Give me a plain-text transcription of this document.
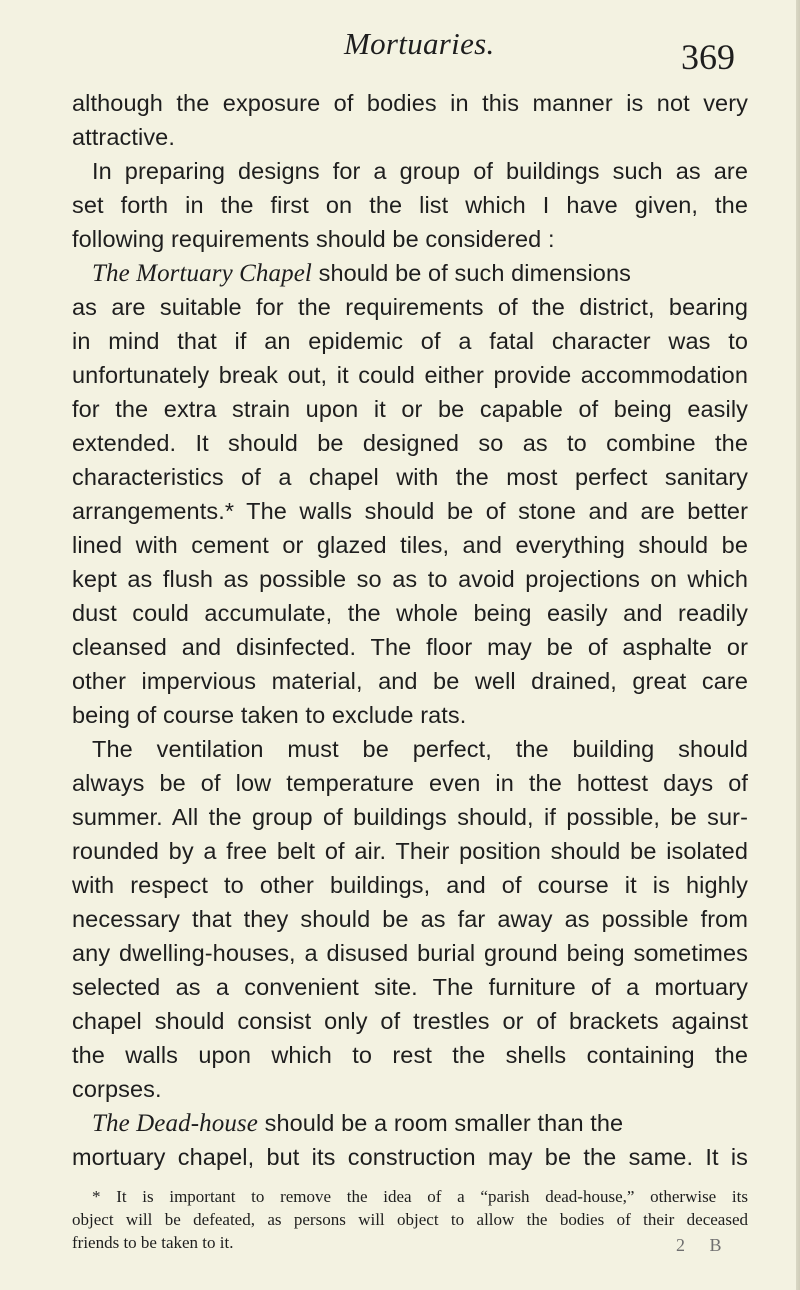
Mortuaries.	369
although the exposure of bodies in this manner is not very
attractive.
In preparing designs for a group of buildings such as are
set forth in the first on the list which I have given, the
following requirements should be considered :
The Mortuary Chapel should be of such dimensions
as are suitable for the requirements of the district, bearing
in mind that if an epidemic of a fatal character was to
unfortunately break out, it could either provide accommodation
for the extra strain upon it or be capable of being easily
extended. It should be designed so as to combine the
characteristics of a chapel with the most perfect sanitary
arrangements.* The walls should be of stone and are better
lined with cement or glazed tiles, and everything should be
kept as flush as possible so as to avoid projections on which
dust could accumulate, the whole being easily and readily
cleansed and disinfected. The floor may be of asphalte or
other impervious material, and be well drained, great care
being of course taken to exclude rats.
The ventilation must be perfect, the building should
always be of low temperature even in the hottest days of
summer. All the group of buildings should, if possible, be sur-
rounded by a free belt of air. Their position should be isolated
with respect to other buildings, and of course it is highly
necessary that they should be as far away as possible from
any dwelling-houses, a disused burial ground being sometimes
selected as a convenient site. The furniture of a mortuary
chapel should consist only of trestles or of brackets against
the walls upon which to rest the shells containing the
corpses.
The Dead-house should be a room smaller than the
mortuary chapel, but its construction may be the same. It is
* It is important to remove the idea of a “parish dead-house,” otherwise its
object will be defeated, as persons will object to allow the bodies of their deceased
friends to be taken to it.	2 B
